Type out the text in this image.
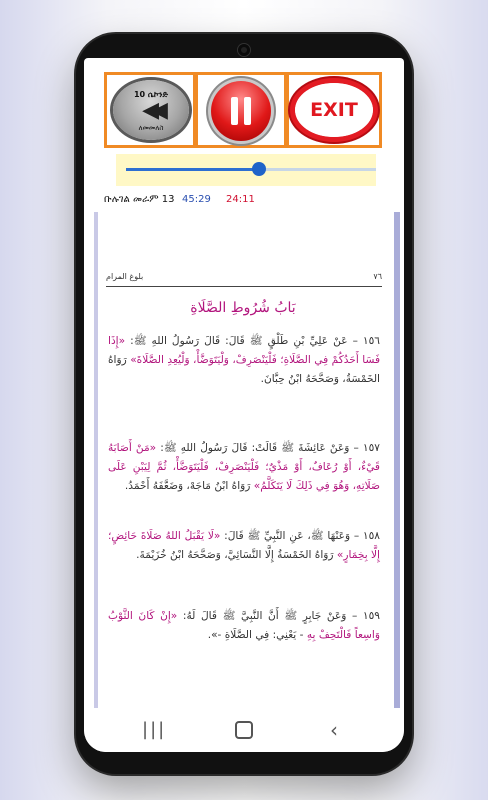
10 ሴኮንድ
◀◀
ለመመለስ
EXIT
ቡሉገል መራም 13 45:29 24:11
بلوغ المرام	٧٦
بَابُ شُرُوطِ الصَّلَاةِ
١٥٦ – عَنْ عَلِيِّ بْنِ طَلْقٍ ﷺ قَالَ: قَالَ رَسُولُ اللهِ ﷺ: «إِذَا فَسَا أَحَدُكُمْ فِي الصَّلَاةِ؛ فَلْيَنْصَرِفْ، وَلْيَتَوَضَّأْ، وَلْيُعِدِ الصَّلَاةَ» رَوَاهُ الخَمْسَةُ، وَصَحَّحَهُ ابْنُ حِبَّانَ.
١٥٧ – وَعَنْ عَائِشَةَ ﷺ قَالَتْ: قَالَ رَسُولُ اللهِ ﷺ: «مَنْ أَصَابَهُ قَيْءٌ، أَوْ رُعَافٌ، أَوْ مَذْيٌ؛ فَلْيَنْصَرِفْ، فَلْيَتَوَضَّأْ، ثُمَّ لِيَبْنِ عَلَى صَلَاتِهِ، وَهُوَ فِي ذَلِكَ لَا يَتَكَلَّمُ» رَوَاهُ ابْنُ مَاجَهْ، وَضَعَّفَهُ أَحْمَدُ.
١٥٨ – وَعَنْهَا ﷺ، عَنِ النَّبِيِّ ﷺ قَالَ: «لَا يَقْبَلُ اللهُ صَلَاةَ حَائِضٍ؛ إِلَّا بِخِمَارٍ» رَوَاهُ الخَمْسَةُ إِلَّا النَّسَائِيَّ، وَصَحَّحَهُ ابْنُ خُزَيْمَةَ.
١٥٩ – وَعَنْ جَابِرٍ ﷺ أَنَّ النَّبِيَّ ﷺ قَالَ لَهُ: «إِنْ كَانَ الثَّوْبُ وَاسِعاً فَالْتَحِفْ بِهِ - يَعْنِي: فِي الصَّلَاةِ -».
|||	‹
